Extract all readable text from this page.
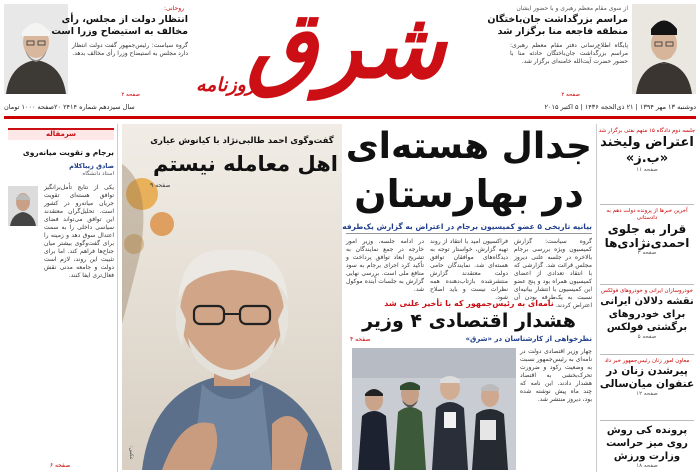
شرق
روزنامه
از سوی مقام معظم رهبری و با حضور ایشان
مراسم بزرگداشت جان‌باختگان
منطقه فاجعه منا برگزار شد
پایگاه اطلاع‌رسانی دفتر مقام معظم رهبری: مراسم بزرگداشت جان‌باختگان حادثه منا با حضور حضرت آیت‌الله خامنه‌ای برگزار شد.
صفحه ۲
روحانی:
انتظار دولت از مجلس، رأی
مخالف به استیضاح وزرا است
گروه سیاست: رئیس‌جمهور گفت دولت انتظار دارد مجلس به استیضاح وزرا رأی مخالف بدهد.
صفحه ۲
دوشنبه ۱۳ مهر ۱۳۹۴ | ۲۱ ذی‌الحجه ۱۴۳۶ | ۵ اکتبر ۲۰۱۵
سال سیزدهم شماره ۲۴۱۴ ۲۰صفحه ۱۰۰۰ تومان
جلسه دوم دادگاه ۱۵ متهم نفتی برگزار شد
اعتراض ولیخند «ب.ز»
صفحه ۱۱
آخرین خبرها از پرونده دولت دهم به دادستانی
قرار به جلوی احمدی‌نژادی‌ها
صفحه ۳
خودروسازان ایرانی و خودروهای فولکس
نقشه دلالان ایرانی برای خودروهای برگشتی فولکس
صفحه ۵
معاون امور زنان رئیس‌جمهور خبر داد
پیرشدن زنان در عنفوان میان‌سالی
صفحه ۱۲
پرونده کی روش روی میز حراست وزارت ورزش
صفحه ۱۸
جدال هسته‌ای
در بهارستان
بیانیه تاریخی ۵ عضو کمیسیون برجام در اعتراض به گزارش یک‌طرفه
گروه سیاست: گزارش کمیسیون ویژه بررسی برجام بالاخره در جلسه علنی دیروز مجلس قرائت شد. گزارشی که با انتقاد تعدادی از اعضای کمیسیون همراه بود و پنج عضو این کمیسیون با انتشار بیانیه‌ای نسبت به یک‌طرفه بودن آن اعتراض کردند.
فراکسیون امید با انتقاد از روند تهیه گزارش، خواستار توجه به دیدگاه‌های موافقان توافق هسته‌ای شد. نمایندگان حامی دولت معتقدند گزارش منتشرشده بازتاب‌دهنده همه نظرات نیست و باید اصلاح شود.
در ادامه جلسه، وزیر امور خارجه در جمع نمایندگان به تشریح ابعاد توافق پرداخت و تأکید کرد اجرای برجام به سود منافع ملی است. بررسی نهایی گزارش به جلسات آینده موکول شد.
نامه‌ای به رئیس‌جمهور که با تأخیر علنی شد
هشدار اقتصادی ۴ وزیر
نظرخواهی از کارشناسان در «شرق»
صفحه ۴
چهار وزیر اقتصادی دولت در نامه‌ای به رئیس‌جمهور نسبت به وضعیت رکود و ضرورت تحرک‌بخشی به اقتصاد هشدار دادند. این نامه که چند ماه پیش نوشته شده بود، دیروز منتشر شد.
گفت‌وگوی احمد طالبی‌نژاد با کیانوش عیاری
اهل معامله نیستم
صفحه ۹
عکس:
سرمقاله
برجام و تقویت میانه‌روی
صادق زیباکلام
استاد دانشگاه
یکی از نتایج تأمل‌برانگیز توافق هسته‌ای تقویت جریان میانه‌رو در کشور است. تحلیل‌گران معتقدند این توافق می‌تواند فضای سیاسی داخلی را به سمت اعتدال سوق دهد و زمینه را برای گفت‌وگوی بیشتر میان جناح‌ها فراهم کند. اما برای تثبیت این روند، لازم است دولت و جامعه مدنی نقش فعال‌تری ایفا کنند.
صفحه ۶
